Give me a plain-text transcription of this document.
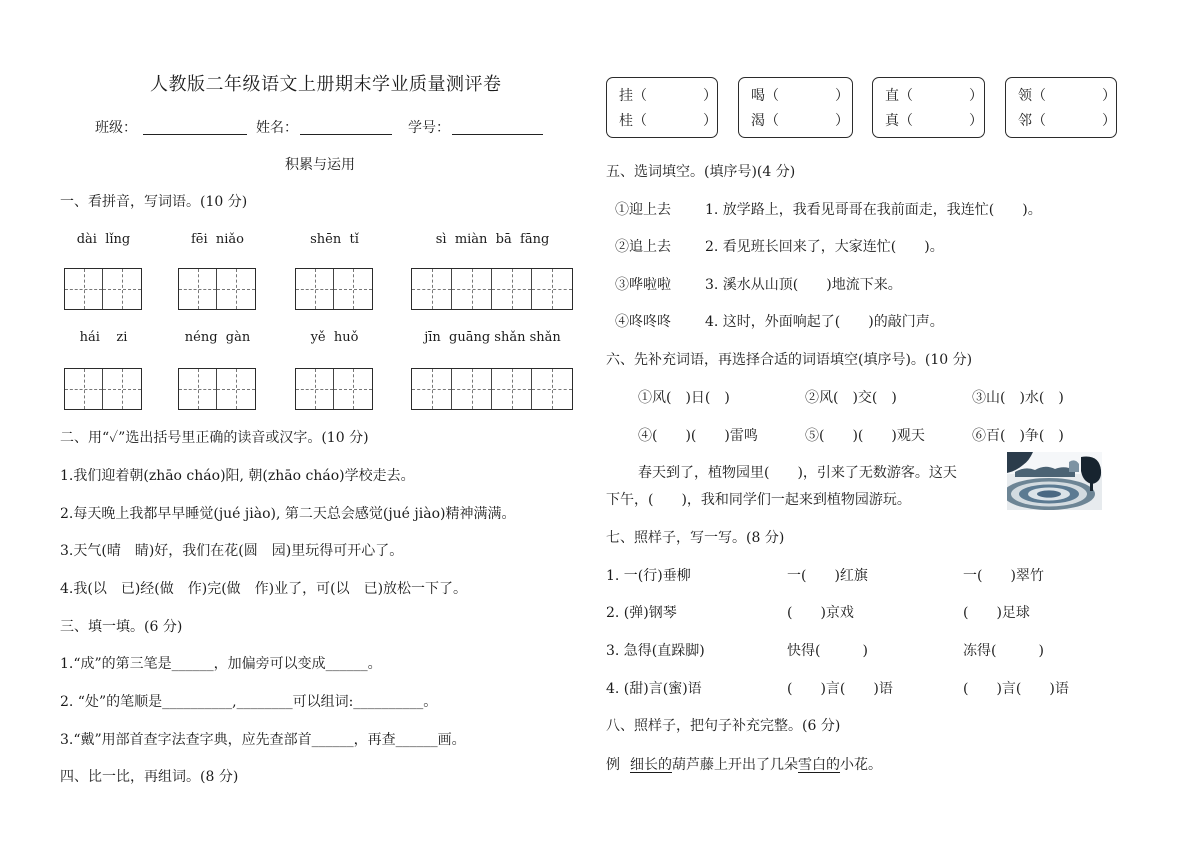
人教版二年级语文上册期末学业质量测评卷
班级：	姓名：	学号：
积累与运用
一、看拼音，写词语。(10 分)
dài  lǐng	fēi  niǎo	shēn  tǐ	sì  miàn  bā  fāng
hái    zi	néng  gàn	yě  huǒ	jīn  guāng shǎn shǎn
二、用“✓”选出括号里正确的读音或汉字。(10 分)
1.我们迎着朝(zhāo cháo)阳, 朝(zhāo cháo)学校走去。
2.每天晚上我都早早睡觉(jué jiào), 第二天总会感觉(jué jiào)精神满满。
3.天气(晴　睛)好，我们在花(圆　园)里玩得可开心了。
4.我(以　已)经(做　作)完(做　作)业了，可(以　已)放松一下了。
三、填一填。(6 分)
1.“成”的第三笔是______，加偏旁可以变成______。
2. “处”的笔顺是__________,________可以组词:__________。
3.“戴”用部首查字法查字典，应先查部首______，再查______画。
四、比一比，再组词。(8 分)
挂（　　　　）
桂（　　　　）
喝（　　　　）
渴（　　　　）
直（　　　　）
真（　　　　）
领（　　　　）
邻（　　　　）
五、选词填空。(填序号)(4 分)
①迎上去 1. 放学路上，我看见哥哥在我前面走，我连忙(　　)。
②追上去 2. 看见班长回来了，大家连忙(　　)。
③哗啦啦 3. 溪水从山顶(　　)地流下来。
④咚咚咚 4. 这时，外面响起了(　　)的敲门声。
六、先补充词语，再选择合适的词语填空(填序号)。(10 分)
①风(　)日(　)	②风(　)交(　)	③山(　)水(　)
④(　　)(　　)雷鸣	⑤(　　)(　　)观天	⑥百(　)争(　)
春天到了，植物园里(　　)，引来了无数游客。这天
下午，(　　)，我和同学们一起来到植物园游玩。
七、照样子，写一写。(8 分)
1. 一(行)垂柳	一(　　)红旗	一(　　)翠竹
2. (弹)钢琴	(　　)京戏	(　　)足球
3. 急得(直跺脚)	快得(　　　)	冻得(　　　)
4. (甜)言(蜜)语	(　　)言(　　)语	(　　)言(　　)语
八、照样子，把句子补充完整。(6 分)
例 细长的葫芦藤上开出了几朵雪白的小花。
